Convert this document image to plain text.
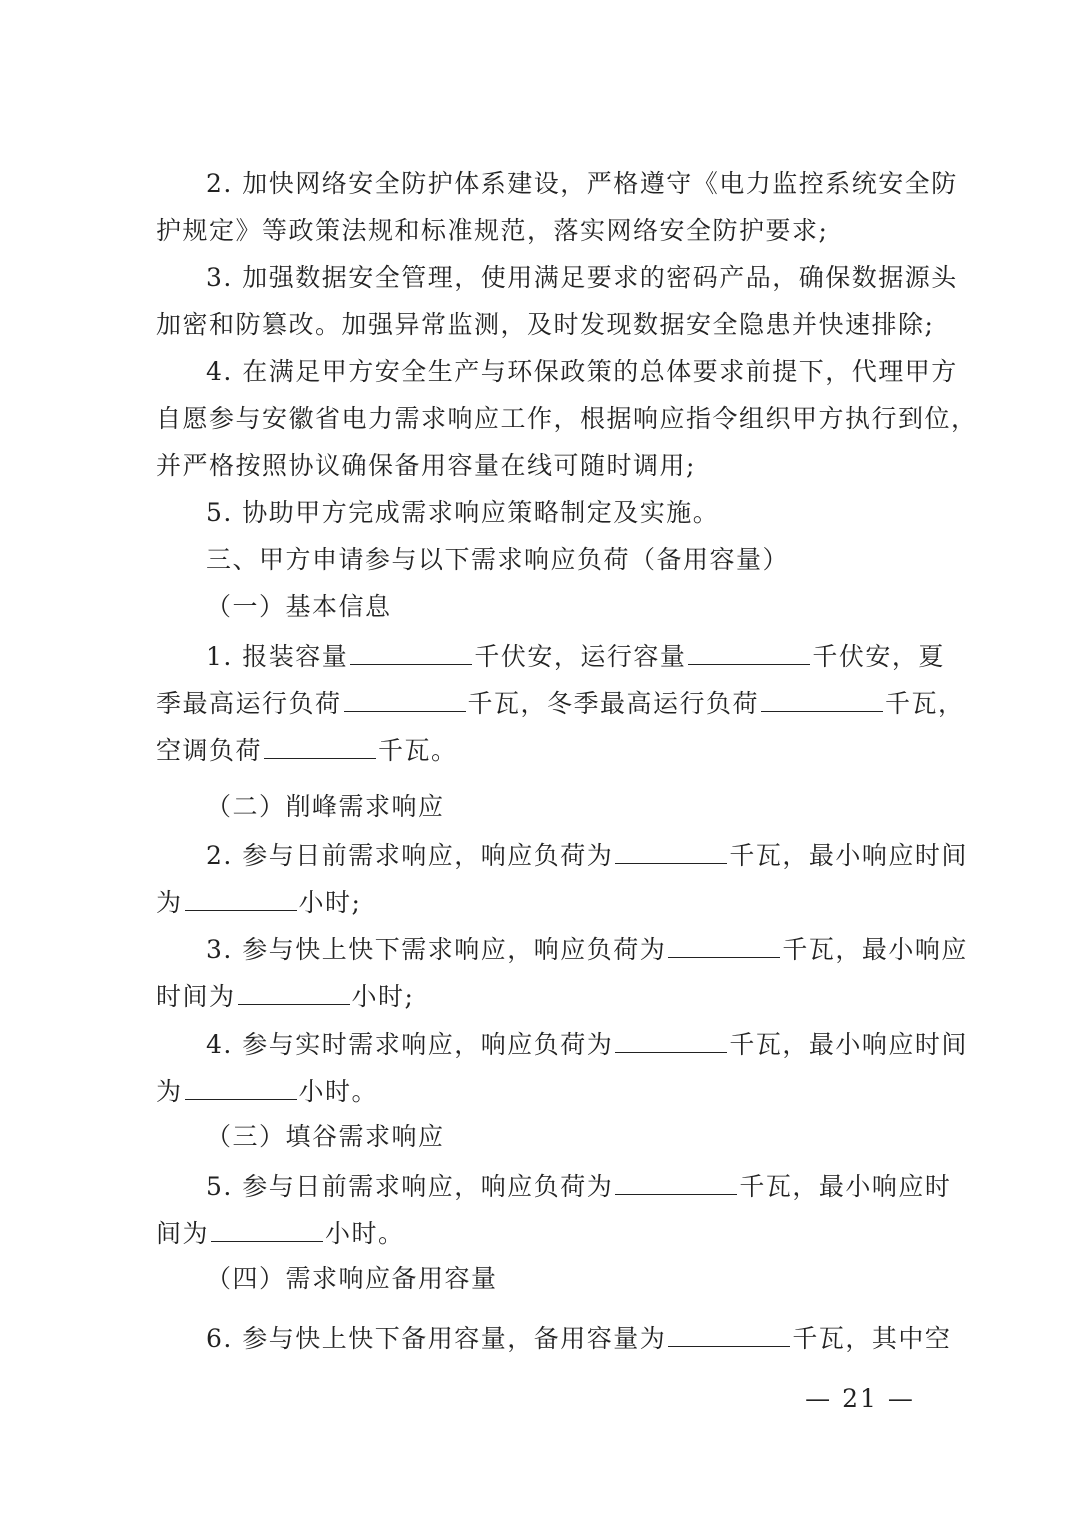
2. 加快网络安全防护体系建设，严格遵守《电力监控系统安全防
护规定》等政策法规和标准规范，落实网络安全防护要求;
3. 加强数据安全管理，使用满足要求的密码产品，确保数据源头
加密和防篡改。加强异常监测，及时发现数据安全隐患并快速排除;
4. 在满足甲方安全生产与环保政策的总体要求前提下，代理甲方
自愿参与安徽省电力需求响应工作，根据响应指令组织甲方执行到位，
并严格按照协议确保备用容量在线可随时调用;
5. 协助甲方完成需求响应策略制定及实施。
三、甲方申请参与以下需求响应负荷（备用容量）
（一）基本信息
1. 报装容量	千伏安，运行容量	千伏安，夏
季最高运行负荷	千瓦，冬季最高运行负荷	千瓦，
空调负荷	千瓦。
（二）削峰需求响应
2. 参与日前需求响应，响应负荷为	千瓦，最小响应时间
为	小时;
3. 参与快上快下需求响应，响应负荷为	千瓦，最小响应
时间为	小时;
4. 参与实时需求响应，响应负荷为	千瓦，最小响应时间
为	小时。
（三）填谷需求响应
5. 参与日前需求响应，响应负荷为	千瓦，最小响应时
间为	小时。
（四）需求响应备用容量
6. 参与快上快下备用容量，备用容量为	千瓦，其中空
— 21 —
